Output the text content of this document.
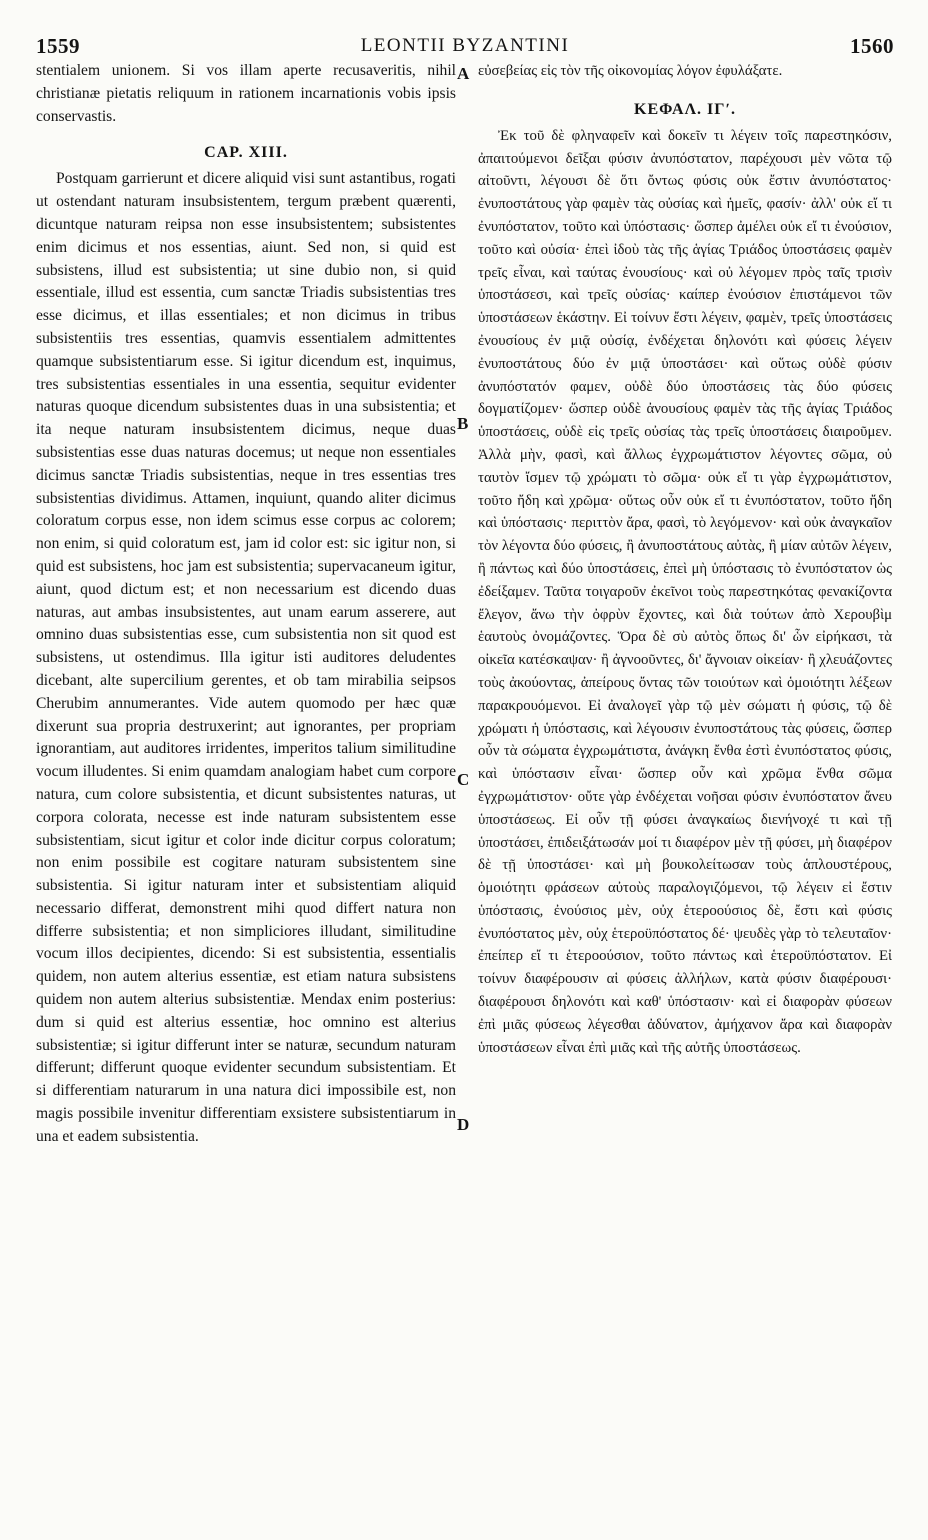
1559	LEONTII BYZANTINI	1560

stentialem unionem. Si vos illam aperte recusaveritis, nihil christianæ pietatis reliquum in rationem incarnationis vobis ipsis conservastis.

CAP. XIII.

Postquam garrierunt et dicere aliquid visi sunt astantibus, rogati ut ostendant naturam insubsistentem, tergum præbent quærenti, dicuntque naturam reipsa non esse insubsistentem; subsistentes enim dicimus et nos essentias, aiunt. Sed non, si quid est subsistens, illud est subsistentia; ut sine dubio non, si quid essentiale, illud est essentia, cum sanctæ Triadis subsistentias tres esse dicimus, et illas essentiales; et non dicimus in tribus subsistentiis tres essentias, quamvis essentialem admittentes quamque subsistentiarum esse. Si igitur dicendum est, inquimus, tres subsistentias essentiales in una essentia, sequitur evidenter naturas quoque dicendum subsistentes duas in una subsistentia; et ita neque naturam insubsistentem dicimus, neque duas subsistentias esse duas naturas docemus; ut neque non essentiales dicimus sanctæ Triadis subsistentias, neque in tres essentias tres subsistentias dividimus. Attamen, inquiunt, quando aliter dicimus coloratum corpus esse, non idem scimus esse corpus ac colorem; non enim, si quid coloratum est, jam id color est: sic igitur non, si quid est subsistens, hoc jam est subsistentia; supervacaneum igitur, aiunt, quod dictum est; et non necessarium est dicendo duas naturas, aut ambas insubsistentes, aut unam earum asserere, aut omnino duas subsistentias esse, cum subsistentia non sit quod est subsistens, ut ostendimus. Illa igitur isti auditores deludentes dicebant, alte supercilium gerentes, et ob tam mirabilia seipsos Cherubim annumerantes. Vide autem quomodo per hæc quæ dixerunt sua propria destruxerint; aut ignorantes, per propriam ignorantiam, aut auditores irridentes, imperitos talium similitudine vocum illudentes. Si enim quamdam analogiam habet cum corpore natura, cum colore subsistentia, et dicunt subsistentes naturas, ut corpora colorata, necesse est inde naturam subsistentem esse subsistentiam, sicut igitur et color inde dicitur corpus coloratum; non enim possibile est cogitare naturam subsistentem sine subsistentia. Si igitur naturam inter et subsistentiam aliquid necessario differat, demonstrent mihi quod differt natura non differre subsistentia; et non simpliciores illudant, similitudine vocum illos decipientes, dicendo: Si est subsistentia, essentialis quidem, non autem alterius essentiæ, est etiam natura subsistens quidem non autem alterius subsistentiæ. Mendax enim posterius: dum si quid est alterius essentiæ, hoc omnino est alterius subsistentiæ; si igitur differunt inter se naturæ, secundum naturam differunt; differunt quoque evidenter secundum subsistentiam. Et si differentiam naturarum in una natura dici impossibile est, non magis possibile invenitur differentiam exsistere subsistentiarum in una et eadem subsistentia.

εὐσεβείας εἰς τὸν τῆς οἰκονομίας λόγον ἐφυλάξατε.

ΚΕΦΑΛ. ΙΓʹ.

Ἐκ τοῦ δὲ φληναφεῖν καὶ δοκεῖν τι λέγειν τοῖς παρεστηκόσιν, ἀπαιτούμενοι δεῖξαι φύσιν ἀνυπόστατον, παρέχουσι μὲν νῶτα τῷ αἰτοῦντι, λέγουσι δὲ ὅτι ὄντως φύσις οὐκ ἔστιν ἀνυπόστατος· ἐνυποστάτους γὰρ φαμὲν τὰς οὐσίας καὶ ἡμεῖς, φασίν· ἀλλ' οὐκ εἴ τι ἐνυπόστατον, τοῦτο καὶ ὑπόστασις· ὥσπερ ἀμέλει οὐκ εἴ τι ἐνούσιον, τοῦτο καὶ οὐσία· ἐπεὶ ἰδοὺ τὰς τῆς ἁγίας Τριάδος ὑποστάσεις φαμὲν τρεῖς εἶναι, καὶ ταύτας ἐνουσίους· καὶ οὐ λέγομεν πρὸς ταῖς τρισὶν ὑποστάσεσι, καὶ τρεῖς οὐσίας· καίπερ ἐνούσιον ἐπιστάμενοι τῶν ὑποστάσεων ἑκάστην. Εἰ τοίνυν ἔστι λέγειν, φαμὲν, τρεῖς ὑποστάσεις ἐνουσίους ἐν μιᾷ οὐσίᾳ, ἐνδέχεται δηλονότι καὶ φύσεις λέγειν ἐνυποστάτους δύο ἐν μιᾷ ὑποστάσει· καὶ οὕτως οὐδὲ φύσιν ἀνυπόστατόν φαμεν, οὐδὲ δύο ὑποστάσεις τὰς δύο φύσεις δογματίζομεν· ὥσπερ οὐδὲ ἀνουσίους φαμὲν τὰς τῆς ἁγίας Τριάδος ὑποστάσεις, οὐδὲ εἰς τρεῖς οὐσίας τὰς τρεῖς ὑποστάσεις διαιροῦμεν. Ἀλλὰ μὴν, φασὶ, καὶ ἄλλως ἐγχρωμάτιστον λέγοντες σῶμα, οὐ ταυτὸν ἴσμεν τῷ χρώματι τὸ σῶμα· οὐκ εἴ τι γὰρ ἐγχρωμάτιστον, τοῦτο ἤδη καὶ χρῶμα· οὕτως οὖν οὐκ εἴ τι ἐνυπόστατον, τοῦτο ἤδη καὶ ὑπόστασις· περιττὸν ἄρα, φασὶ, τὸ λεγόμενον· καὶ οὐκ ἀναγκαῖον τὸν λέγοντα δύο φύσεις, ἢ ἀνυποστάτους αὐτὰς, ἢ μίαν αὐτῶν λέγειν, ἢ πάντως καὶ δύο ὑποστάσεις, ἐπεὶ μὴ ὑπόστασις τὸ ἐνυπόστατον ὡς ἐδείξαμεν. Ταῦτα τοιγαροῦν ἐκεῖνοι τοὺς παρεστηκότας φενακίζοντα ἔλεγον, ἄνω τὴν ὀφρὺν ἔχοντες, καὶ διὰ τούτων ἀπὸ Χερουβὶμ ἑαυτοὺς ὀνομάζοντες. Ὅρα δὲ σὺ αὐτὸς ὅπως δι' ὧν εἰρήκασι, τὰ οἰκεῖα κατέσκαψαν· ἢ ἀγνοοῦντες, δι' ἄγνοιαν οἰκείαν· ἢ χλευάζοντες τοὺς ἀκούοντας, ἀπείρους ὄντας τῶν τοιούτων καὶ ὁμοιότητι λέξεων παρακρουόμενοι. Εἰ ἀναλογεῖ γὰρ τῷ μὲν σώματι ἡ φύσις, τῷ δὲ χρώματι ἡ ὑπόστασις, καὶ λέγουσιν ἐνυποστάτους τὰς φύσεις, ὥσπερ οὖν τὰ σώματα ἐγχρωμάτιστα, ἀνάγκη ἔνθα ἐστὶ ἐνυπόστατος φύσις, καὶ ὑπόστασιν εἶναι· ὥσπερ οὖν καὶ χρῶμα ἔνθα σῶμα ἐγχρωμάτιστον· οὔτε γὰρ ἐνδέχεται νοῆσαι φύσιν ἐνυπόστατον ἄνευ ὑποστάσεως. Εἰ οὖν τῇ φύσει ἀναγκαίως διενήνοχέ τι καὶ τῇ ὑποστάσει, ἐπιδειξάτωσάν μοί τι διαφέρον μὲν τῇ φύσει, μὴ διαφέρον δὲ τῇ ὑποστάσει· καὶ μὴ βουκολείτωσαν τοὺς ἁπλουστέρους, ὁμοιότητι φράσεων αὐτοὺς παραλογιζόμενοι, τῷ λέγειν εἰ ἔστιν ὑπόστασις, ἐνούσιος μὲν, οὐχ ἑτεροούσιος δὲ, ἔστι καὶ φύσις ἐνυπόστατος μὲν, οὐχ ἑτεροϋπόστατος δέ· ψευδὲς γὰρ τὸ τελευταῖον· ἐπείπερ εἴ τι ἑτεροούσιον, τοῦτο πάντως καὶ ἑτεροϋπόστατον. Εἰ τοίνυν διαφέρουσιν αἱ φύσεις ἀλλήλων, κατὰ φύσιν διαφέρουσι· διαφέρουσι δηλονότι καὶ καθ' ὑπόστασιν· καὶ εἰ διαφορὰν φύσεων ἐπὶ μιᾶς φύσεως λέγεσθαι ἀδύνατον, ἀμήχανον ἄρα καὶ διαφορὰν ὑποστάσεων εἶναι ἐπὶ μιᾶς καὶ τῆς αὐτῆς ὑποστάσεως.

A
B
C
D
